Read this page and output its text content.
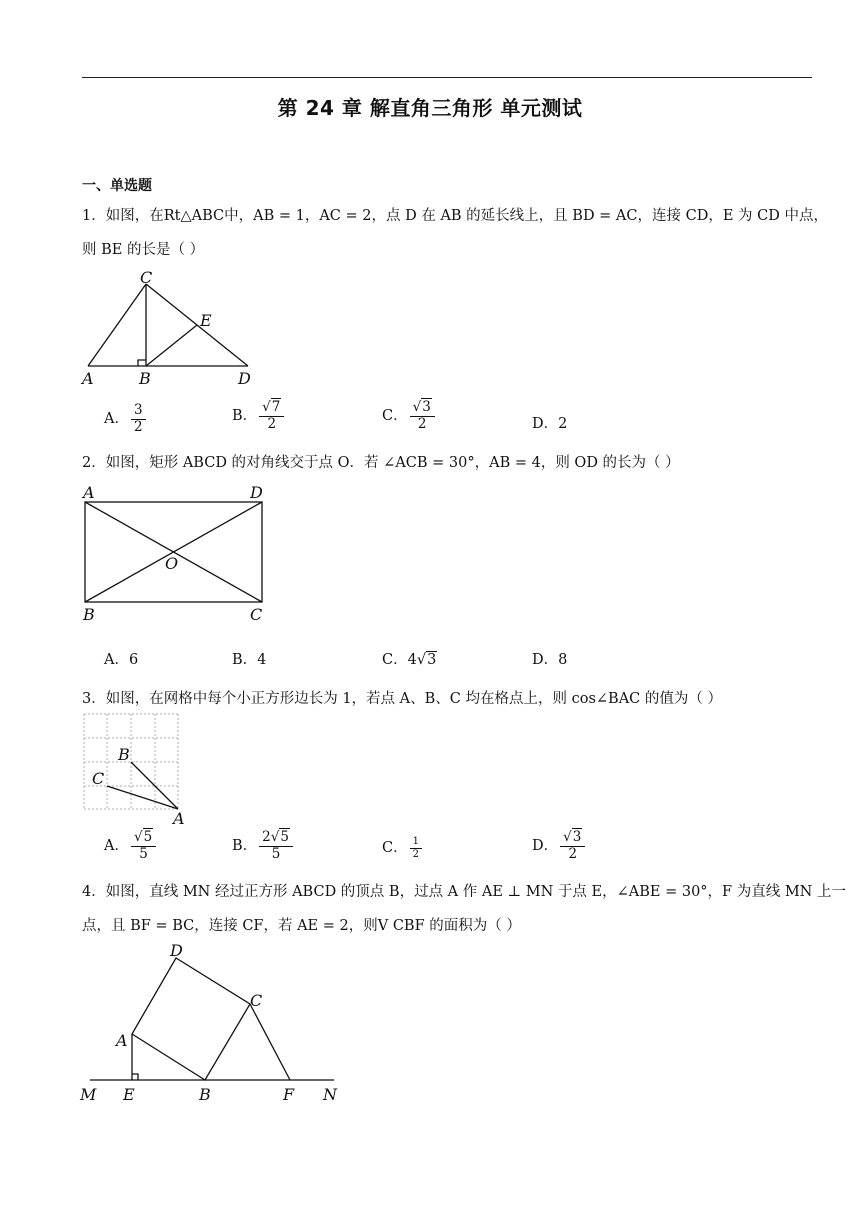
第 24 章 解直角三角形 单元测试
一、单选题
1．如图，在Rt△ABC中，AB = 1，AC = 2，点 D 在 AB 的延长线上，且 BD = AC，连接 CD，E 为 CD 中点，
则 BE 的长是（ ）
C
E
A	B	D
A． $\frac{3}{2}$	B． $\frac{√7}{2}$	C． $\frac{√3}{2}$	D．2
2．如图，矩形 ABCD 的对角线交于点 O．若 ∠ACB = 30°，AB = 4，则 OD 的长为（ ）
A	D
O
B	C
A．6	B．4	C．4√3	D．8
3．如图，在网格中每个小正方形边长为 1，若点 A、B、C 均在格点上，则 cos∠BAC 的值为（ ）
B
C
A
A． $\frac{√5}{5}$	B． $\frac{2√5}{5}$	C． $\frac{1}{2}$	D． $\frac{√3}{2}$
4．如图，直线 MN 经过正方形 ABCD 的顶点 B，过点 A 作 AE ⊥ MN 于点 E，∠ABE = 30°，F 为直线 MN 上一
点，且 BF = BC，连接 CF，若 AE = 2，则V CBF 的面积为（ ）
D
C
A
M E	B	F N
